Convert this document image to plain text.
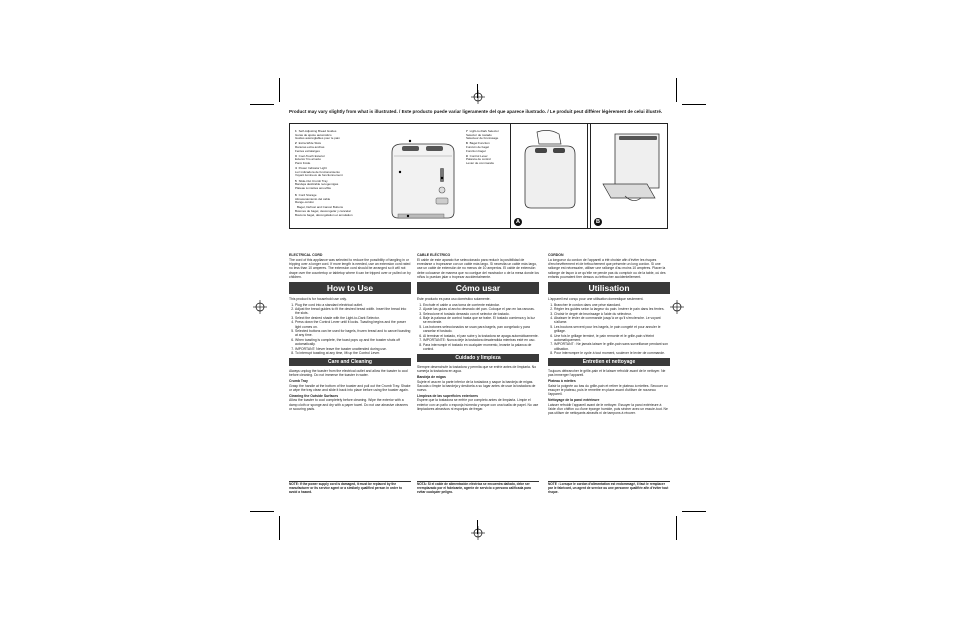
Product may vary slightly from what is illustrated. / Este producto puede variar ligeramente del que aparece ilustrado. / Le produit peut différer légèrement de celui illustré.
1 Self-Adjusting Bread Guides
Guías de ajuste automático
Guides autoréglables pour le pain
2 Extra-Wide Slots
Ranuras extra anchas
Fentes extralarges
3 Cool-Touch Exterior
Exterior frío al tacto
Paroi froide
4 Power Indicator Light
Luz indicadora de funcionamiento
Voyant lumineux de fonctionnement
5 Slide-Out Crumb Tray
Bandeja deslizable recogemigas
Plateau à miettes amovible
6 Cord Storage
Almacenamiento del cable
Range-cordon
Bagel, Defrost and Cancel Buttons
Botones de bagel, descongelar y cancelar
Boutons bagel, décongélation et annulation
7 Light-to-Dark Selector
Selector de tostado
Sélecteur de brunissage
8 Bagel Function
Función de bagel
Fonction bagel
9 Control Lever
Palanca de control
Levier de commande
A	B

ELECTRICAL CORD

The cord of this appliance was selected to reduce the possibility of tangling in or tripping over a longer cord. If more length is needed, use an extension cord rated no less than 10 amperes. The extension cord should be arranged so it will not drape over the countertop or tabletop where it can be tripped over or pulled on by children.

How to Use

This product is for household use only.

1. Plug the cord into a standard electrical outlet.
2. Adjust the bread guides to fit the desired bread width. Insert the bread into the slots.
3. Select the desired shade with the Light-to-Dark Selector.
4. Press down the Control Lever until it locks. Toasting begins and the power light comes on.
5. Selected buttons can be used for bagels, frozen bread and to cancel toasting at any time.
6. When toasting is complete, the toast pops up and the toaster shuts off automatically.
7. IMPORTANT: Never leave the toaster unattended during use.
8. To interrupt toasting at any time, lift up the Control Lever.
Care and Cleaning

Always unplug the toaster from the electrical outlet and allow the toaster to cool before cleaning. Do not immerse the toaster in water.

Crumb Tray

Grasp the handle at the bottom of the toaster and pull out the Crumb Tray. Shake or wipe the tray clean and slide it back into place before using the toaster again.

Cleaning the Outside Surfaces

Allow the toaster to cool completely before cleaning. Wipe the exterior with a damp cloth or sponge and dry with a paper towel. Do not use abrasive cleaners or scouring pads.

NOTE: If the power supply cord is damaged, it must be replaced by the manufacturer or its service agent or a similarly qualified person in order to avoid a hazard.

CABLE ELÉCTRICO

El cable de este aparato fue seleccionado para reducir la posibilidad de enredarse o tropezarse con un cable más largo. Si necesita un cable más largo, use un cable de extensión de no menos de 10 amperios. El cable de extensión debe colocarse de manera que no cuelgue del mostrador o de la mesa donde los niños lo puedan jalar o tropezar accidentalmente.

Cómo usar

Este producto es para uso doméstico solamente.

1. Enchufe el cable a una toma de corriente estándar.
2. Ajuste las guías al ancho deseado del pan. Coloque el pan en las ranuras.
3. Seleccione el tostado deseado con el selector de tostado.
4. Baje la palanca de control hasta que se trabe. El tostado comienza y la luz se enciende.
5. Los botones seleccionados se usan para bagels, pan congelado y para cancelar el tostado.
6. Al terminar el tostado, el pan sube y la tostadora se apaga automáticamente.
7. IMPORTANTE: Nunca deje la tostadora desatendida mientras esté en uso.
8. Para interrumpir el tostado en cualquier momento, levante la palanca de control.
Cuidado y limpieza

Siempre desenchufe la tostadora y permita que se enfríe antes de limpiarla. No sumerja la tostadora en agua.

Bandeja de migas

Sujete el asa en la parte inferior de la tostadora y saque la bandeja de migas. Sacuda o limpie la bandeja y deslícela a su lugar antes de usar la tostadora de nuevo.

Limpieza de las superficies exteriores

Espere que la tostadora se enfríe por completo antes de limpiarla. Limpie el exterior con un paño o esponja húmeda y seque con una toalla de papel. No use limpiadores abrasivos ni esponjas de fregar.

NOTA: Si el cable de alimentación eléctrica se encuentra dañado, debe ser reemplazado por el fabricante, agente de servicio o persona calificada para evitar cualquier peligro.

CORDON

La longueur du cordon de l'appareil a été choisie afin d'éviter les risques d'enchevêtrement et de trébuchement que présente un long cordon. Si une rallonge est nécessaire, utiliser une rallonge d'au moins 10 ampères. Placer la rallonge de façon à ce qu'elle ne pende pas du comptoir ou de la table, où des enfants pourraient tirer dessus ou trébucher accidentellement.

Utilisation

L'appareil est conçu pour une utilisation domestique seulement.

1. Brancher le cordon dans une prise standard.
2. Régler les guides selon la largeur du pain. Insérer le pain dans les fentes.
3. Choisir le degré de brunissage à l'aide du sélecteur.
4. Abaisser le levier de commande jusqu'à ce qu'il s'enclenche. Le voyant s'allume.
5. Les boutons servent pour les bagels, le pain congelé et pour annuler le grillage.
6. Une fois le grillage terminé, le pain remonte et le grille-pain s'éteint automatiquement.
7. IMPORTANT : Ne jamais laisser le grille-pain sans surveillance pendant son utilisation.
8. Pour interrompre le cycle à tout moment, soulever le levier de commande.
Entretien et nettoyage

Toujours débrancher le grille-pain et le laisser refroidir avant de le nettoyer. Ne pas immerger l'appareil.

Plateau à miettes

Saisir la poignée au bas du grille-pain et retirer le plateau à miettes. Secouer ou essuyer le plateau, puis le remettre en place avant d'utiliser de nouveau l'appareil.

Nettoyage de la paroi extérieure

Laisser refroidir l'appareil avant de le nettoyer. Essuyer la paroi extérieure à l'aide d'un chiffon ou d'une éponge humide, puis sécher avec un essuie-tout. Ne pas utiliser de nettoyants abrasifs ni de tampons à récurer.

NOTE : Lorsque le cordon d'alimentation est endommagé, il faut le remplacer par le fabricant, un agent de service ou une personne qualifiée afin d'éviter tout risque.
